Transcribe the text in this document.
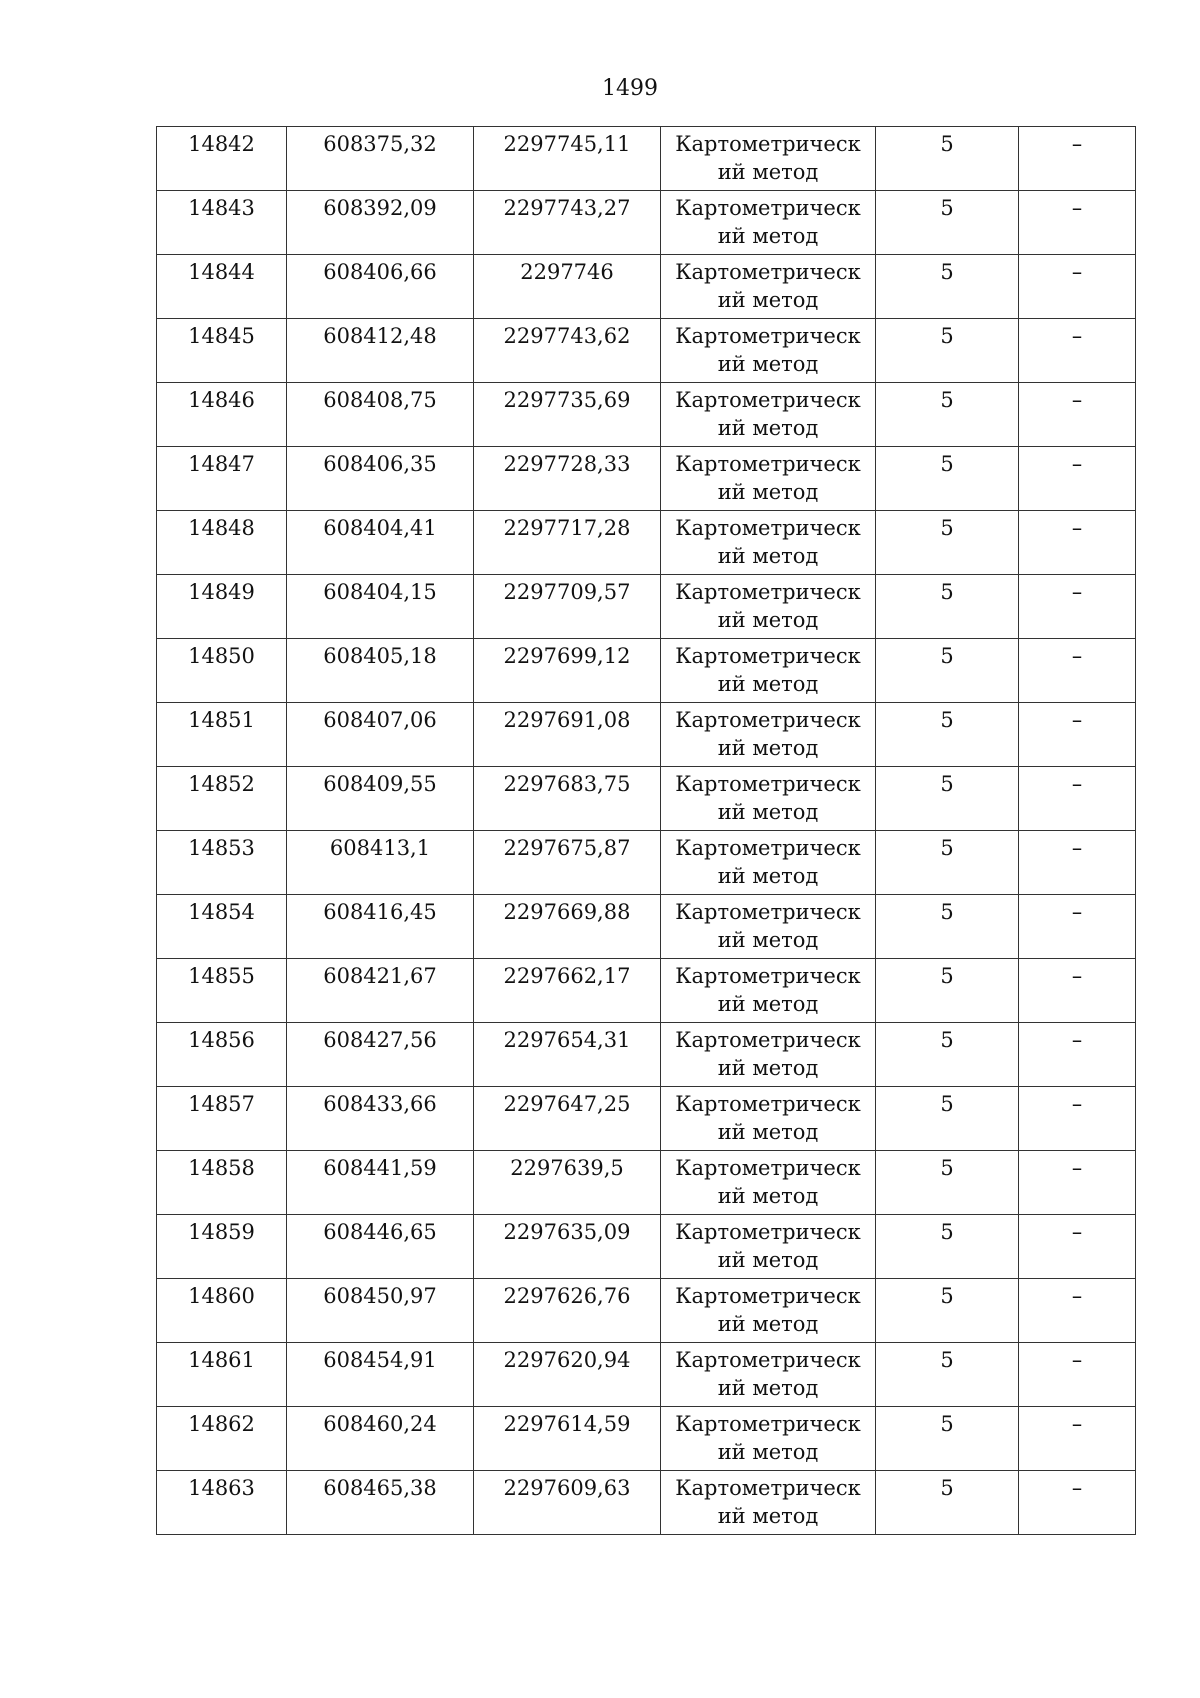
1499
14842	608375,32	2297745,11	Картометрический метод	5	–
14843	608392,09	2297743,27	Картометрический метод	5	–
14844	608406,66	2297746	Картометрический метод	5	–
14845	608412,48	2297743,62	Картометрический метод	5	–
14846	608408,75	2297735,69	Картометрический метод	5	–
14847	608406,35	2297728,33	Картометрический метод	5	–
14848	608404,41	2297717,28	Картометрический метод	5	–
14849	608404,15	2297709,57	Картометрический метод	5	–
14850	608405,18	2297699,12	Картометрический метод	5	–
14851	608407,06	2297691,08	Картометрический метод	5	–
14852	608409,55	2297683,75	Картометрический метод	5	–
14853	608413,1	2297675,87	Картометрический метод	5	–
14854	608416,45	2297669,88	Картометрический метод	5	–
14855	608421,67	2297662,17	Картометрический метод	5	–
14856	608427,56	2297654,31	Картометрический метод	5	–
14857	608433,66	2297647,25	Картометрический метод	5	–
14858	608441,59	2297639,5	Картометрический метод	5	–
14859	608446,65	2297635,09	Картометрический метод	5	–
14860	608450,97	2297626,76	Картометрический метод	5	–
14861	608454,91	2297620,94	Картометрический метод	5	–
14862	608460,24	2297614,59	Картометрический метод	5	–
14863	608465,38	2297609,63	Картометрический метод	5	–
